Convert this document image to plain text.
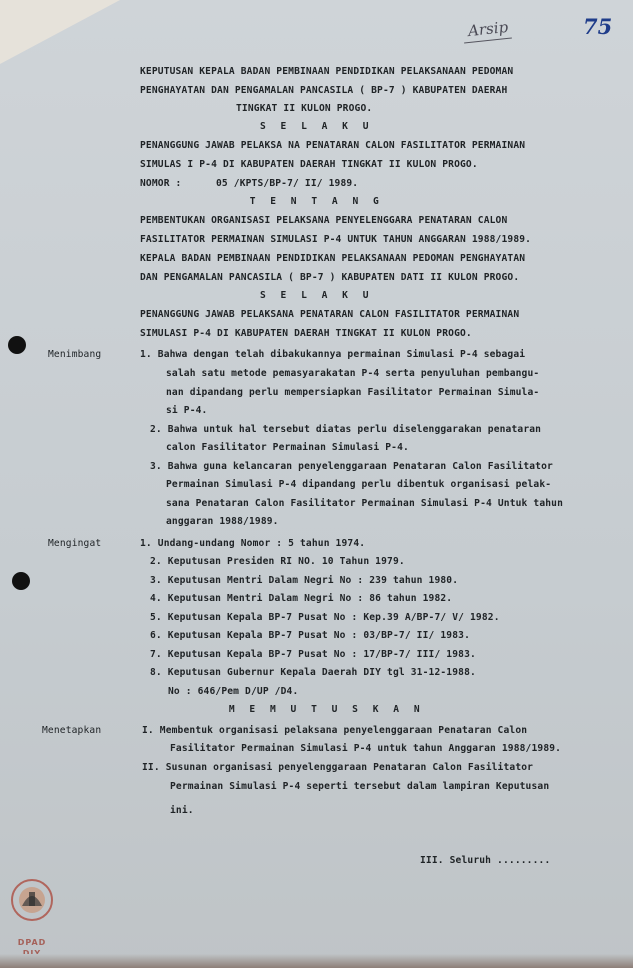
Arsip	75
KEPUTUSAN KEPALA BADAN PEMBINAAN PENDIDIKAN PELAKSANAAN PEDOMAN
PENGHAYATAN DAN PENGAMALAN PANCASILA ( BP-7 ) KABUPATEN DAERAH
TINGKAT II KULON PROGO.
S E L A K U
PENANGGUNG JAWAB PELAKSA NA PENATARAN CALON FASILITATOR PERMAINAN
SIMULAS I P-4 DI KABUPATEN DAERAH TINGKAT II KULON PROGO.
NOMOR :	05 /KPTS/BP-7/ II/ 1989.
T E N T A N G
PEMBENTUKAN ORGANISASI PELAKSANA PENYELENGGARA PENATARAN CALON
FASILITATOR PERMAINAN SIMULASI P-4 UNTUK TAHUN ANGGARAN 1988/1989.
KEPALA BADAN PEMBINAAN PENDIDIKAN PELAKSANAAN PEDOMAN PENGHAYATAN
DAN PENGAMALAN PANCASILA ( BP-7 ) KABUPATEN DATI II KULON PROGO.
S E L A K U
PENANGGUNG JAWAB PELAKSANA PENATARAN CALON FASILITATOR PERMAINAN
SIMULASI P-4 DI KABUPATEN DAERAH TINGKAT II KULON PROGO.
Menimbang	1. Bahwa dengan telah dibakukannya permainan Simulasi P-4 sebagai
salah satu metode pemasyarakatan P-4 serta penyuluhan pembangu-
nan dipandang perlu mempersiapkan Fasilitator Permainan Simula-
si P-4.
2. Bahwa untuk hal tersebut diatas perlu diselenggarakan penataran
calon Fasilitator Permainan Simulasi P-4.
3. Bahwa guna kelancaran penyelenggaraan Penataran Calon Fasilitator
Permainan Simulasi P-4 dipandang perlu dibentuk organisasi pelak-
sana Penataran Calon Fasilitator Permainan Simulasi P-4 Untuk tahun
anggaran 1988/1989.
Mengingat	1. Undang-undang Nomor : 5 tahun 1974.
2. Keputusan Presiden RI NO. 10 Tahun 1979.
3. Keputusan Mentri Dalam Negri No : 239 tahun 1980.
4. Keputusan Mentri Dalam Negri No : 86 tahun 1982.
5. Keputusan Kepala BP-7 Pusat No : Kep.39 A/BP-7/ V/ 1982.
6. Keputusan Kepala BP-7 Pusat No : 03/BP-7/ II/ 1983.
7. Keputusan Kepala BP-7 Pusat No : 17/BP-7/ III/ 1983.
8. Keputusan Gubernur Kepala Daerah DIY tgl 31-12-1988.
No : 646/Pem D/UP /D4.
M E M U T U S K A N
Menetapkan	I. Membentuk organisasi pelaksana penyelenggaraan Penataran Calon
Fasilitator Permainan Simulasi P-4 untuk tahun Anggaran 1988/1989.
II. Susunan organisasi penyelenggaraan Penataran Calon Fasilitator
Permainan Simulasi P-4 seperti tersebut dalam lampiran Keputusan
ini.
III. Seluruh .........
DPAD
